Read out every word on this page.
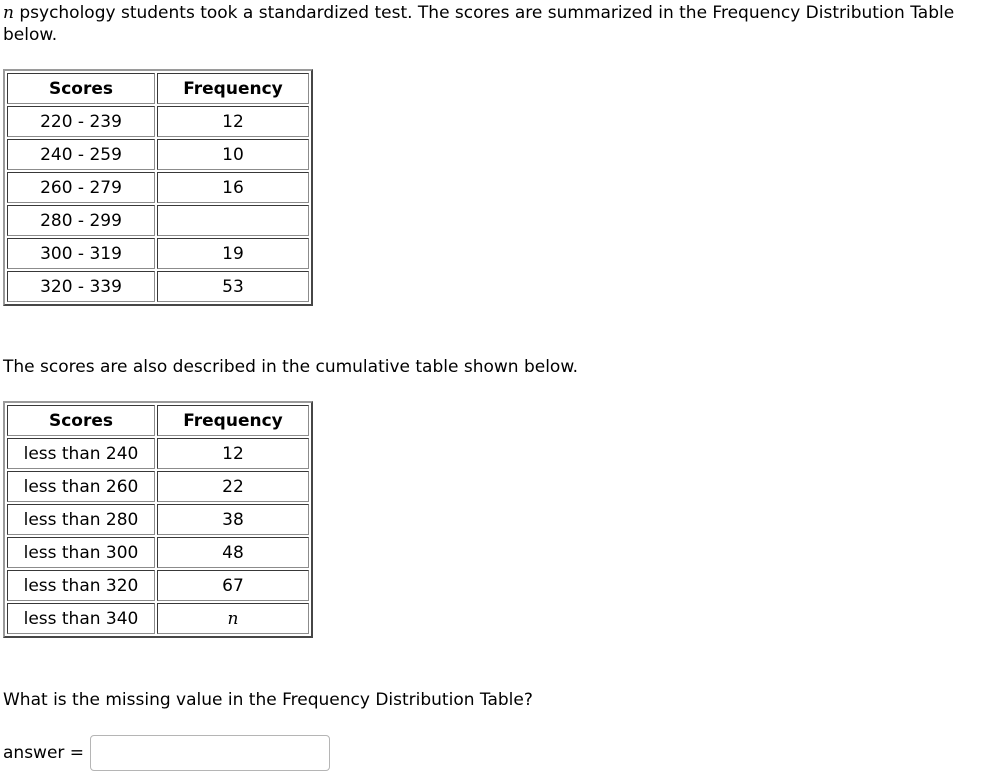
n psychology students took a standardized test. The scores are summarized in the Frequency Distribution Table below.

Scores	Frequency
220 - 239	12
240 - 259	10
260 - 279	16
280 - 299	
300 - 319	19
320 - 339	53

The scores are also described in the cumulative table shown below.

Scores	Frequency
less than 240	12
less than 260	22
less than 280	38
less than 300	48
less than 320	67
less than 340	n

What is the missing value in the Frequency Distribution Table?

answer =
